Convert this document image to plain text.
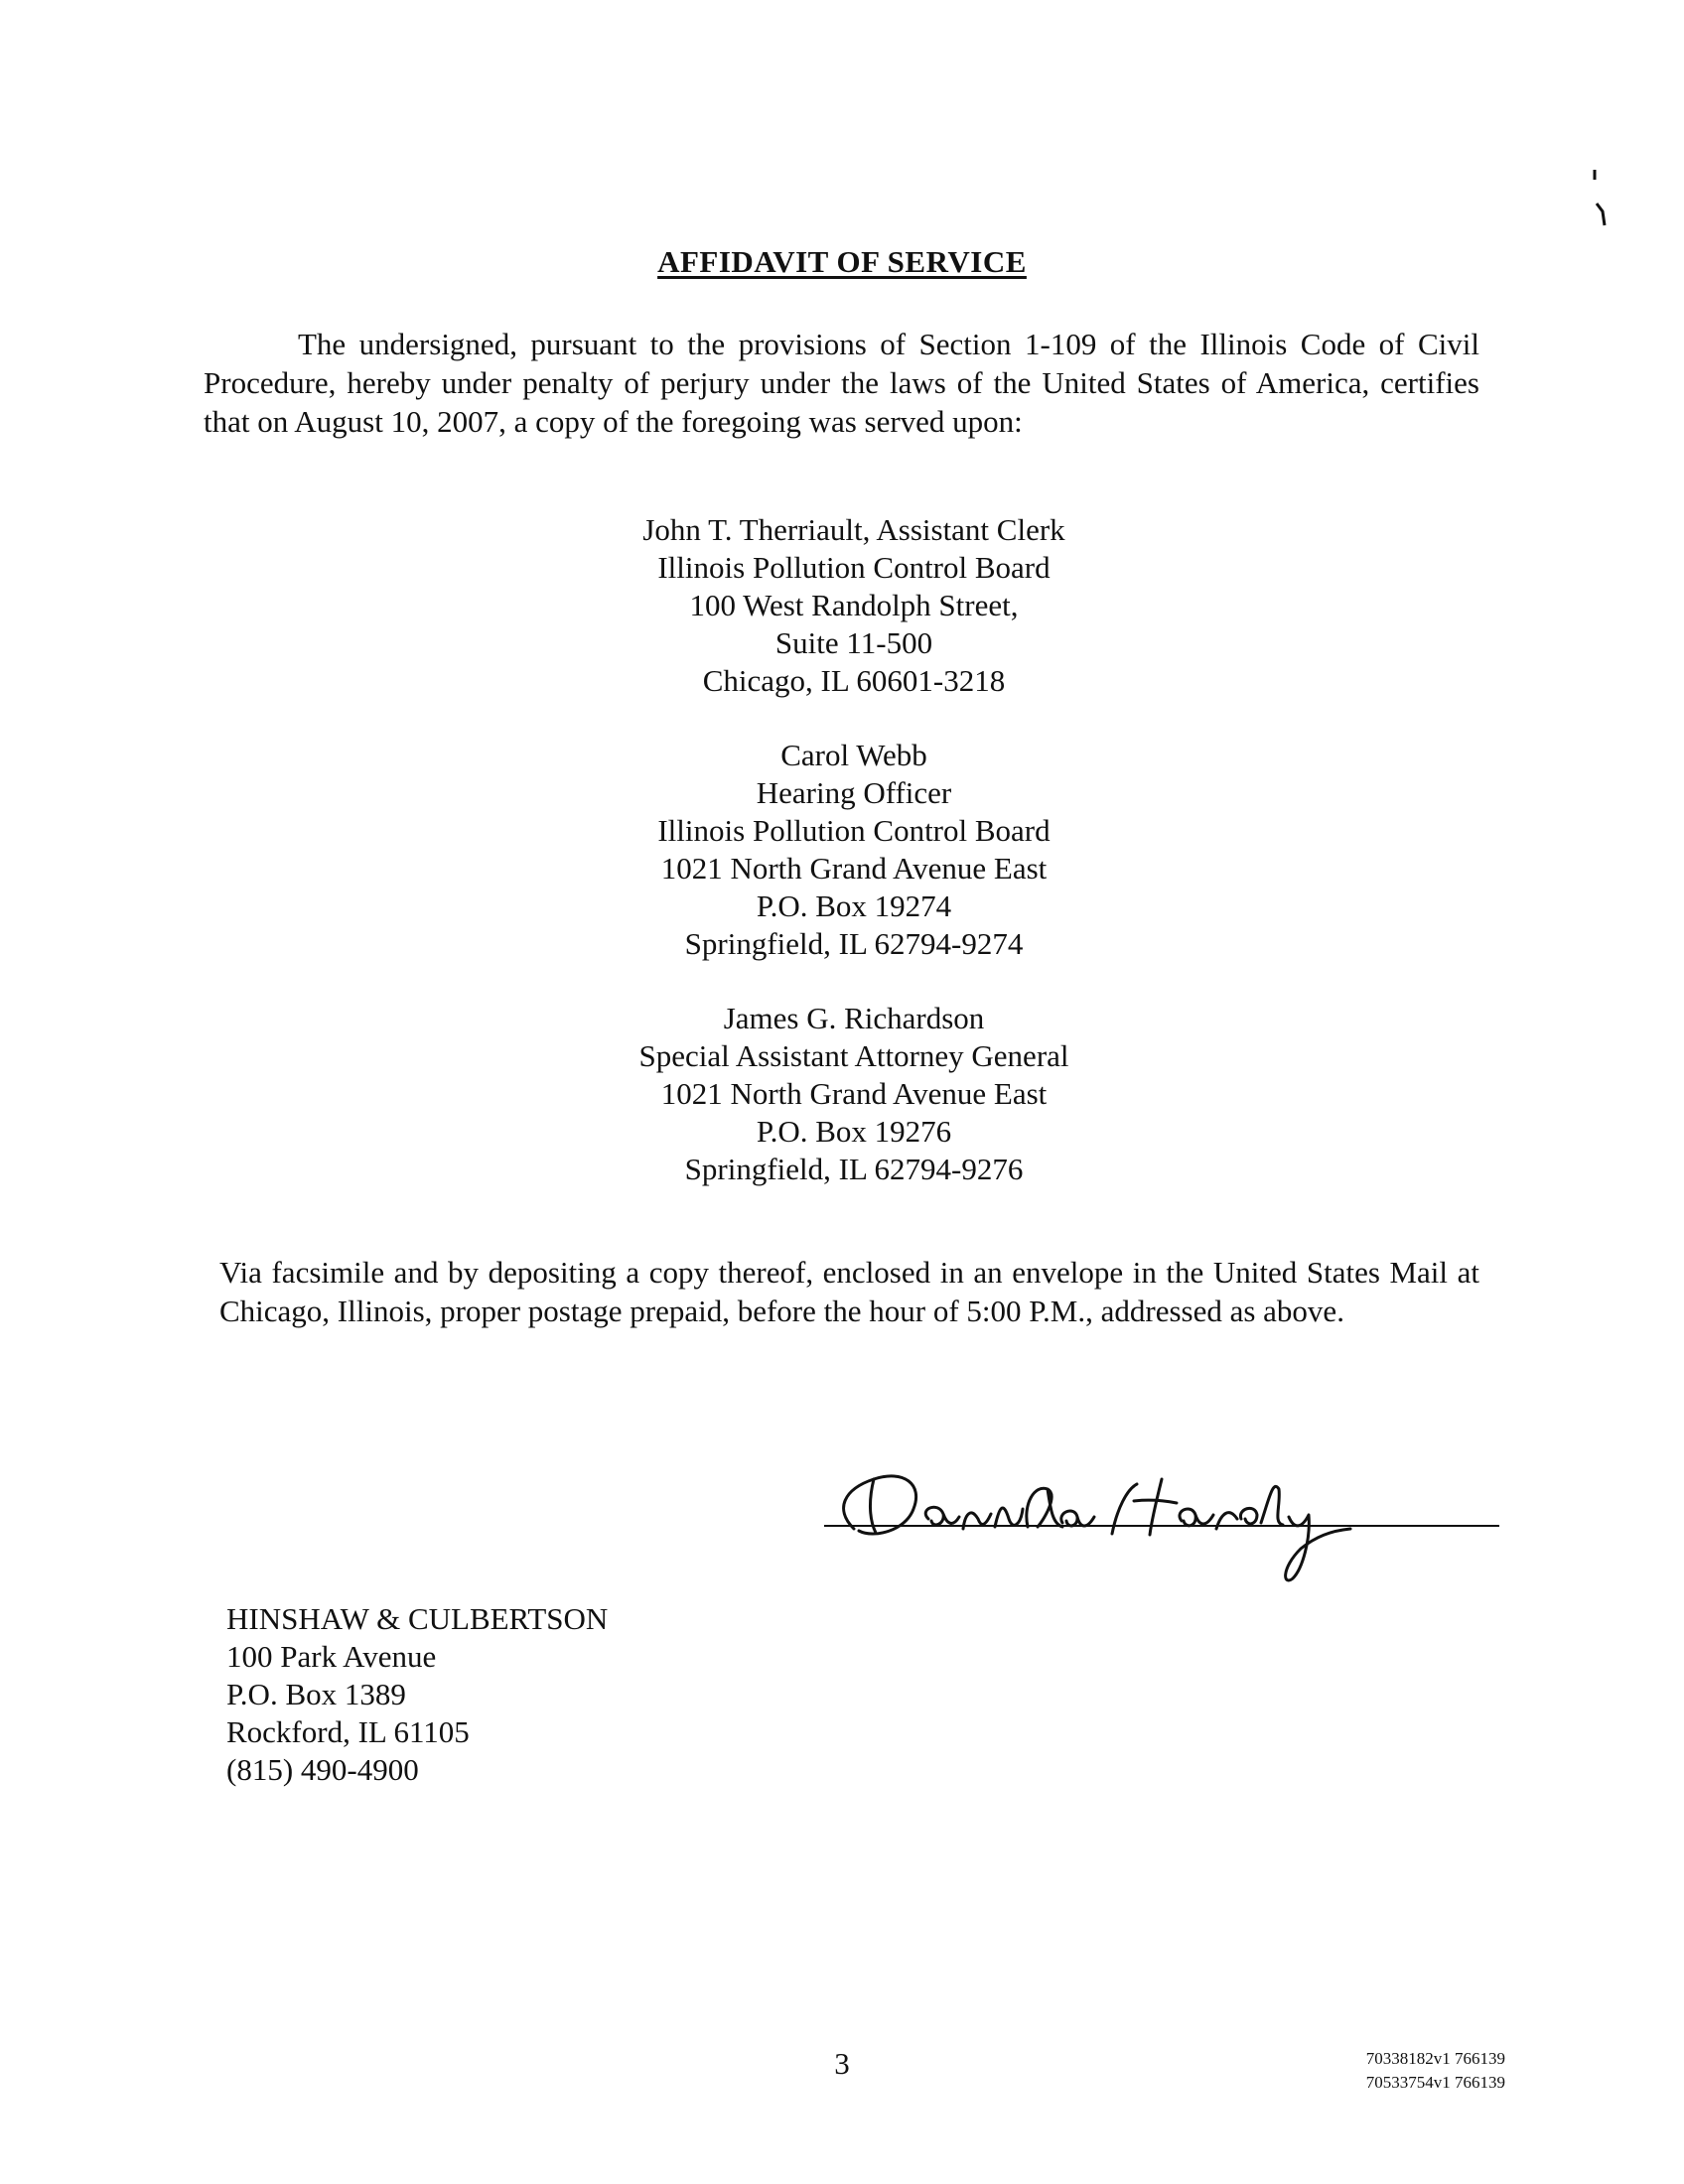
AFFIDAVIT OF SERVICE

The undersigned, pursuant to the provisions of Section 1-109 of the Illinois Code of Civil Procedure, hereby under penalty of perjury under the laws of the United States of America, certifies that on August 10, 2007, a copy of the foregoing was served upon:

John T. Therriault, Assistant Clerk
Illinois Pollution Control Board
100 West Randolph Street,
Suite 11-500
Chicago, IL 60601-3218
Carol Webb
Hearing Officer
Illinois Pollution Control Board
1021 North Grand Avenue East
P.O. Box 19274
Springfield, IL 62794-9274
James G. Richardson
Special Assistant Attorney General
1021 North Grand Avenue East
P.O. Box 19276
Springfield, IL 62794-9276

Via facsimile and by depositing a copy thereof, enclosed in an envelope in the United States Mail at Chicago, Illinois, proper postage prepaid, before the hour of 5:00 P.M., addressed as above.

HINSHAW & CULBERTSON
100 Park Avenue
P.O. Box 1389
Rockford, IL 61105
(815) 490-4900
3	70338182v1 766139
70533754v1 766139
